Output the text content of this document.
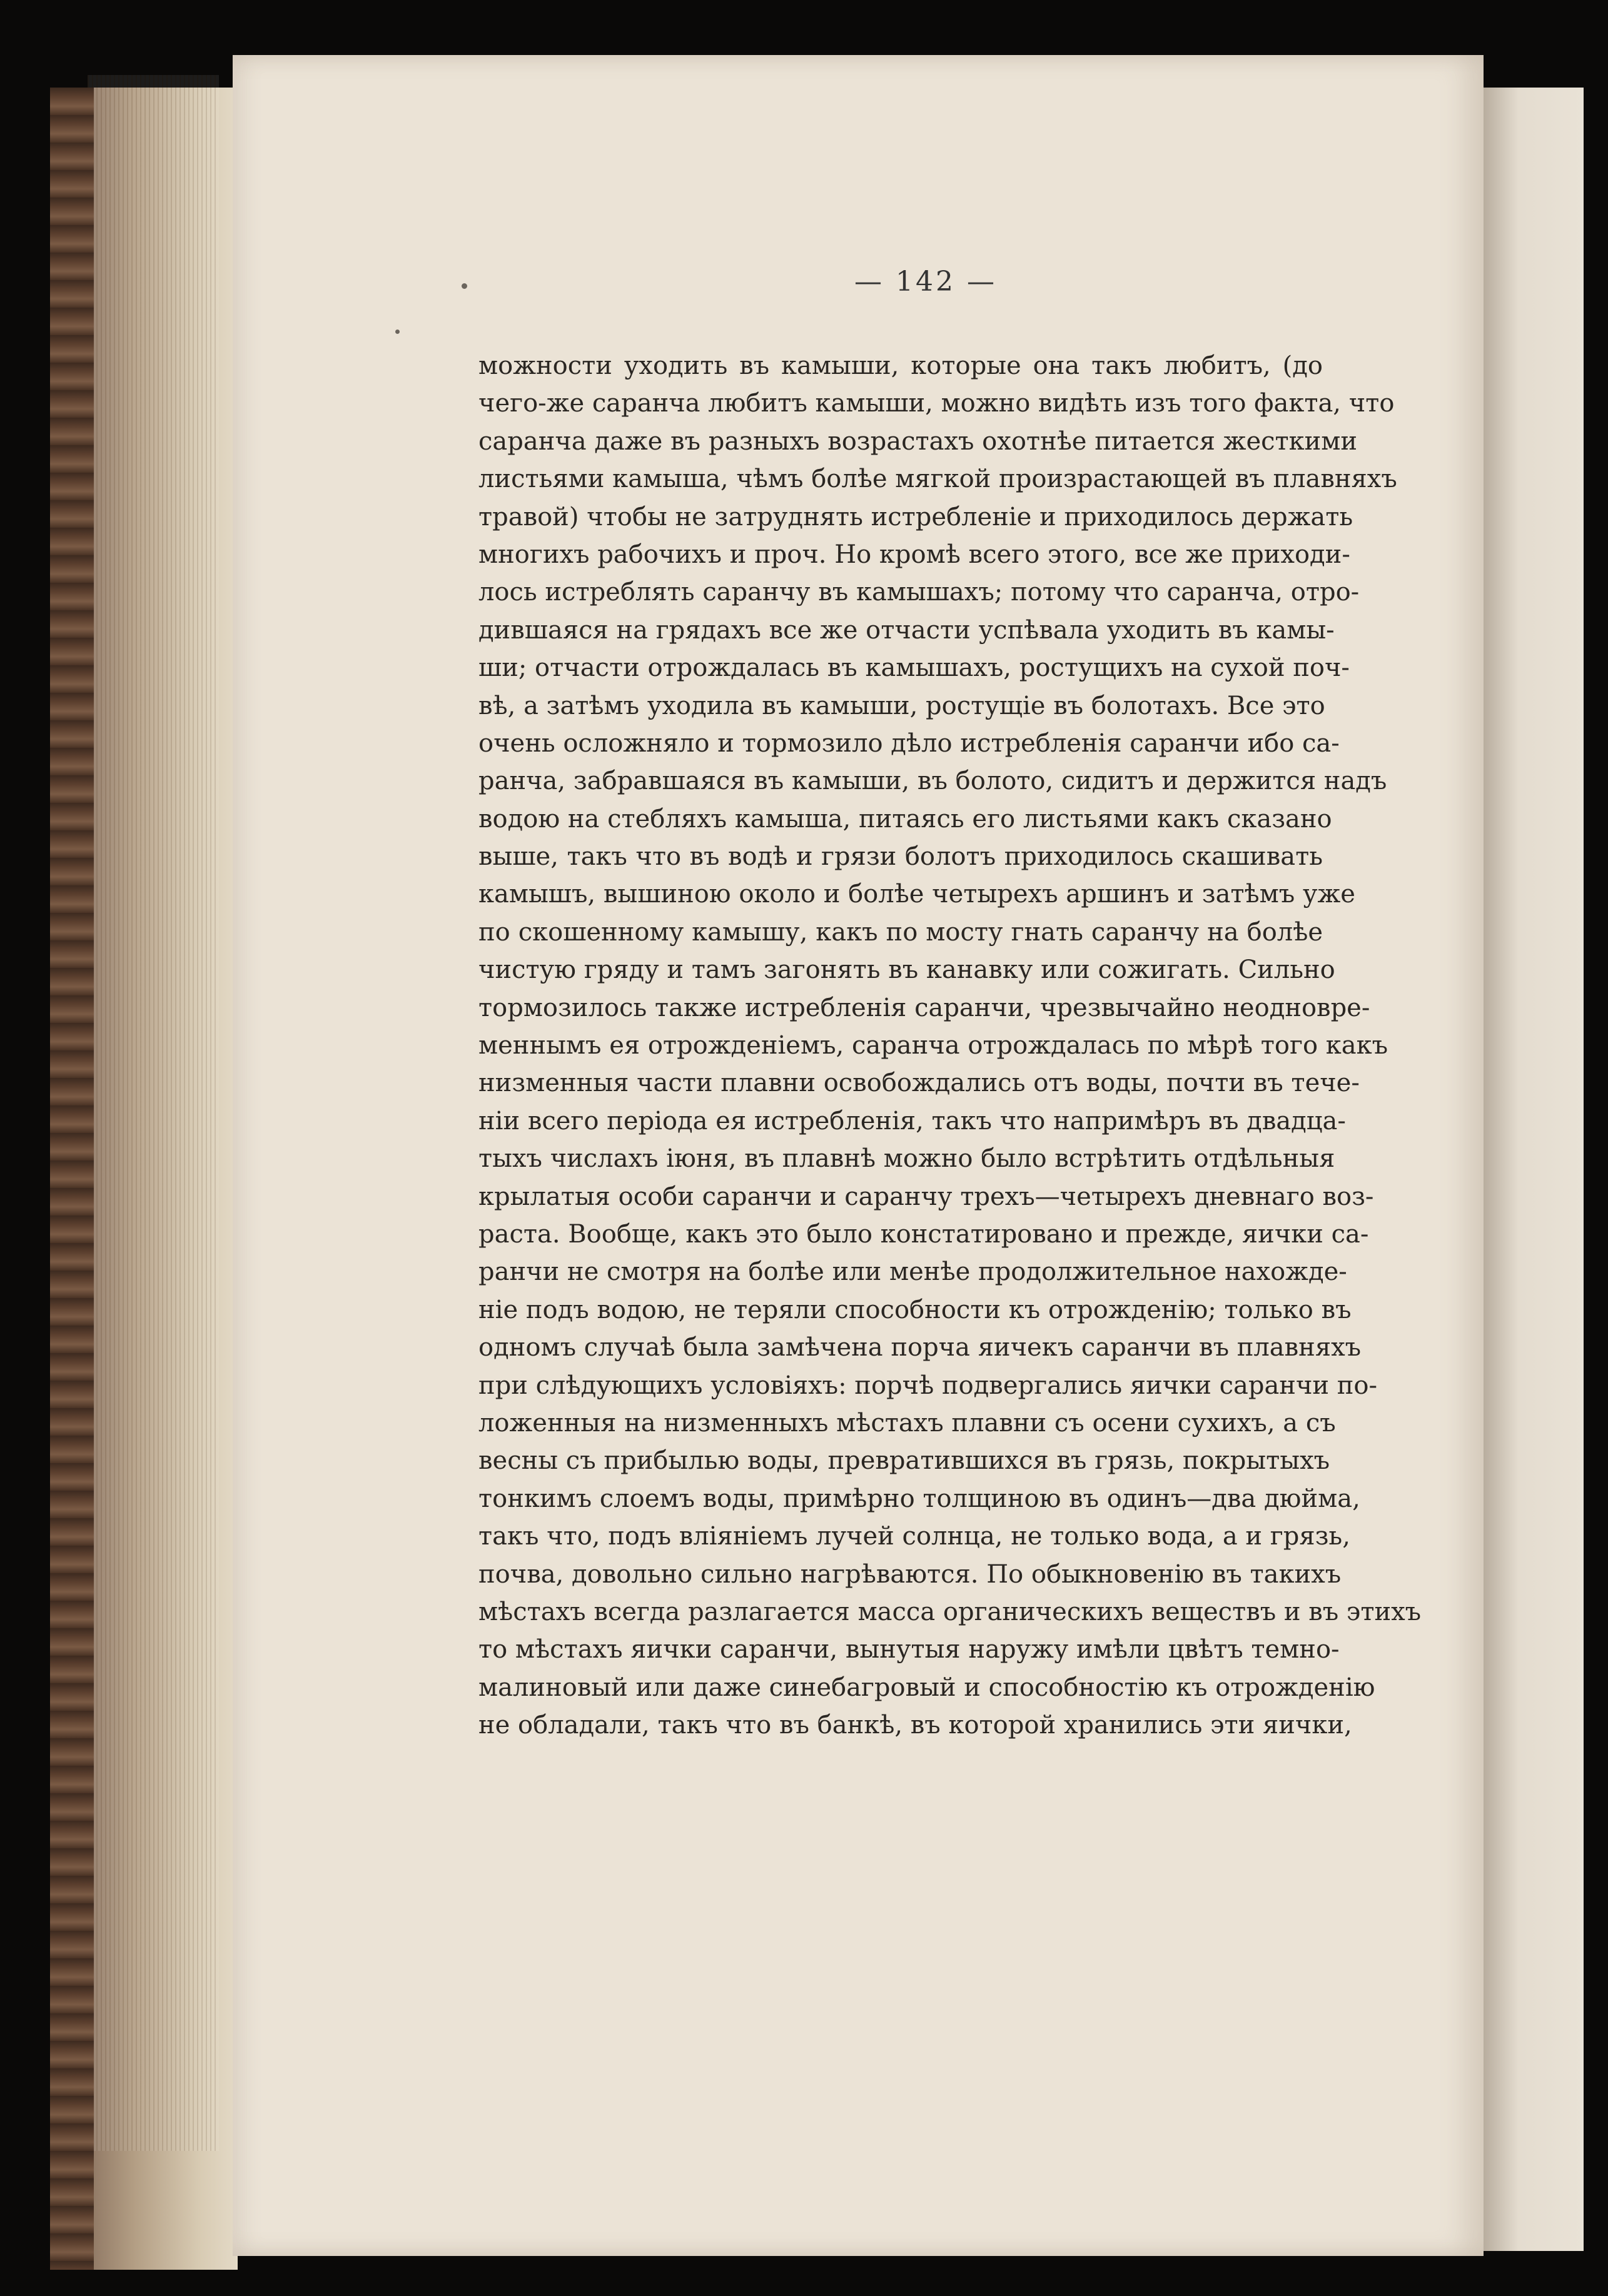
— 142 —
можности уходить въ камыши, которые она такъ любитъ, (до
чего-же саранча любитъ камыши, можно видѣть изъ того факта, что
саранча даже въ разныхъ возрастахъ охотнѣе питается жесткими
листьями камыша, чѣмъ болѣе мягкой произрастающей въ плавняхъ
травой) чтобы не затруднять истребленіе и приходилось держать
многихъ рабочихъ и проч. Но кромѣ всего этого, все же приходи-
лось истреблять саранчу въ камышахъ; потому что саранча, отро-
дившаяся на грядахъ все же отчасти успѣвала уходить въ камы-
ши; отчасти отрождалась въ камышахъ, ростущихъ на сухой поч-
вѣ, а затѣмъ уходила въ камыши, ростущіе въ болотахъ. Все это
очень осложняло и тормозило дѣло истребленія саранчи ибо са-
ранча, забравшаяся въ камыши, въ болото, сидитъ и держится надъ
водою на стебляхъ камыша, питаясь его листьями какъ сказано
выше, такъ что въ водѣ и грязи болотъ приходилось скашивать
камышъ, вышиною около и болѣе четырехъ аршинъ и затѣмъ уже
по скошенному камышу, какъ по мосту гнать саранчу на болѣе
чистую гряду и тамъ загонять въ канавку или сожигать. Сильно
тормозилось также истребленія саранчи, чрезвычайно неодновре-
меннымъ ея отрожденіемъ, саранча отрождалась по мѣрѣ того какъ
низменныя части плавни освобождались отъ воды, почти въ тече-
ніи всего періода ея истребленія, такъ что напримѣръ въ двадца-
тыхъ числахъ іюня, въ плавнѣ можно было встрѣтить отдѣльныя
крылатыя особи саранчи и саранчу трехъ—четырехъ дневнаго воз-
раста. Вообще, какъ это было констатировано и прежде, яички са-
ранчи не смотря на болѣе или менѣе продолжительное нахожде-
ніе подъ водою, не теряли способности къ отрожденію; только въ
одномъ случаѣ была замѣчена порча яичекъ саранчи въ плавняхъ
при слѣдующихъ условіяхъ: порчѣ подвергались яички саранчи по-
ложенныя на низменныхъ мѣстахъ плавни съ осени сухихъ, а съ
весны съ прибылью воды, превратившихся въ грязь, покрытыхъ
тонкимъ слоемъ воды, примѣрно толщиною въ одинъ—два дюйма,
такъ что, подъ вліяніемъ лучей солнца, не только вода, а и грязь,
почва, довольно сильно нагрѣваются. По обыкновенію въ такихъ
мѣстахъ всегда разлагается масса органическихъ веществъ и въ этихъ
то мѣстахъ яички саранчи, вынутыя наружу имѣли цвѣтъ темно-
малиновый или даже синебагровый и способностію къ отрожденію
не обладали, такъ что въ банкѣ, въ которой хранились эти яички,
